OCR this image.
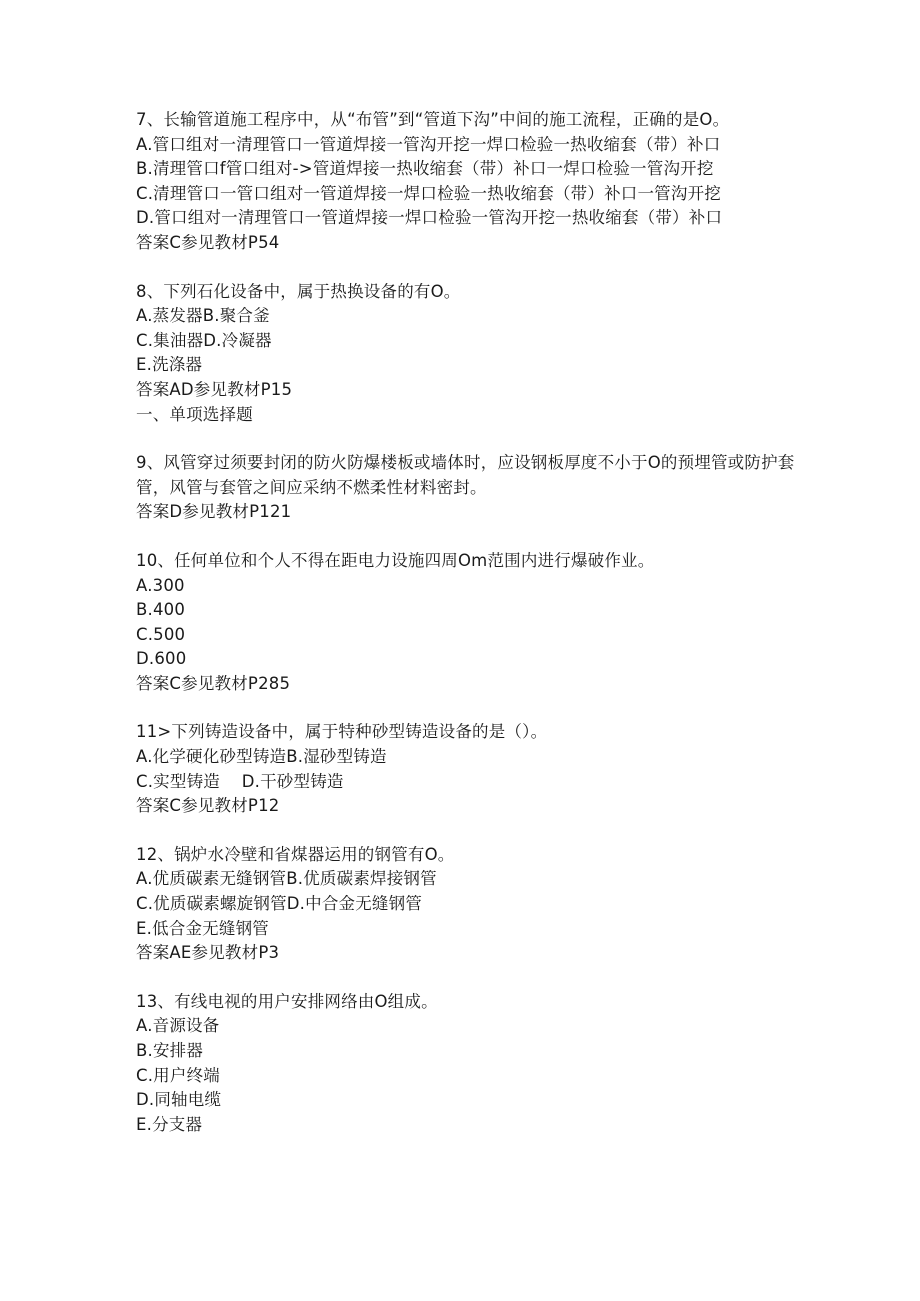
7、长输管道施工程序中，从“布管”到“管道下沟”中间的施工流程，正确的是O。
A.管口组对一清理管口一管道焊接一管沟开挖一焊口检验一热收缩套（带）补口
B.清理管口f管口组对->管道焊接一热收缩套（带）补口一焊口检验一管沟开挖
C.清理管口一管口组对一管道焊接一焊口检验一热收缩套（带）补口一管沟开挖
D.管口组对一清理管口一管道焊接一焊口检验一管沟开挖一热收缩套（带）补口
答案C参见教材P54
8、下列石化设备中，属于热换设备的有O。
A.蒸发器B.聚合釜
C.集油器D.冷凝器
E.洗涤器
答案AD参见教材P15
一、单项选择题
9、风管穿过须要封闭的防火防爆楼板或墙体时，应设钢板厚度不小于O的预埋管或防护套管，风管与套管之间应采纳不燃柔性材料密封。
答案D参见教材P121
10、任何单位和个人不得在距电力设施四周Om范围内进行爆破作业。
A.300
B.400
C.500
D.600
答案C参见教材P285
11>下列铸造设备中，属于特种砂型铸造设备的是（）。
A.化学硬化砂型铸造B.湿砂型铸造
C.实型铸造    D.干砂型铸造
答案C参见教材P12
12、锅炉水冷壁和省煤器运用的钢管有O。
A.优质碳素无缝钢管B.优质碳素焊接钢管
C.优质碳素螺旋钢管D.中合金无缝钢管
E.低合金无缝钢管
答案AE参见教材P3
13、有线电视的用户安排网络由O组成。
A.音源设备
B.安排器
C.用户终端
D.同轴电缆
E.分支器
